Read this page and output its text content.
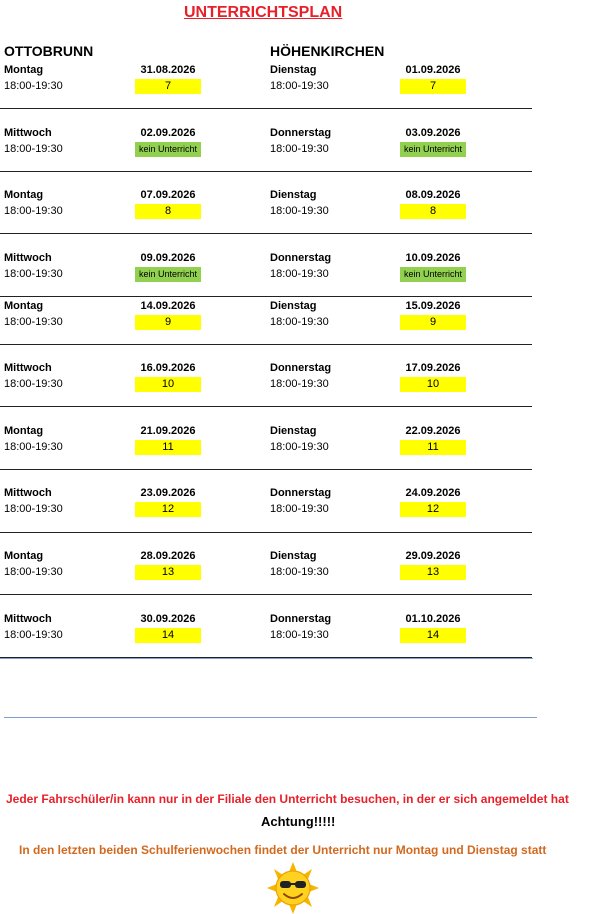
UNTERRICHTSPLAN
OTTOBRUNN	HÖHENKIRCHEN
Montag	31.08.2026
18:00-19:30	7
Dienstag	01.09.2026
18:00-19:30	7
Mittwoch	02.09.2026
18:00-19:30	kein Unterricht
Donnerstag	03.09.2026
18:00-19:30	kein Unterricht
Montag	07.09.2026
18:00-19:30	8
Dienstag	08.09.2026
18:00-19:30	8
Mittwoch	09.09.2026
18:00-19:30	kein Unterricht
Donnerstag	10.09.2026
18:00-19:30	kein Unterricht
Montag	14.09.2026
18:00-19:30	9
Dienstag	15.09.2026
18:00-19:30	9
Mittwoch	16.09.2026
18:00-19:30	10
Donnerstag	17.09.2026
18:00-19:30	10
Montag	21.09.2026
18:00-19:30	11
Dienstag	22.09.2026
18:00-19:30	11
Mittwoch	23.09.2026
18:00-19:30	12
Donnerstag	24.09.2026
18:00-19:30	12
Montag	28.09.2026
18:00-19:30	13
Dienstag	29.09.2026
18:00-19:30	13
Mittwoch	30.09.2026
18:00-19:30	14
Donnerstag	01.10.2026
18:00-19:30	14
Jeder Fahrschüler/in kann nur in der Filiale den Unterricht besuchen, in der er sich angemeldet hat
Achtung!!!!!
In den letzten beiden Schulferienwochen findet der Unterricht nur Montag und Dienstag statt
